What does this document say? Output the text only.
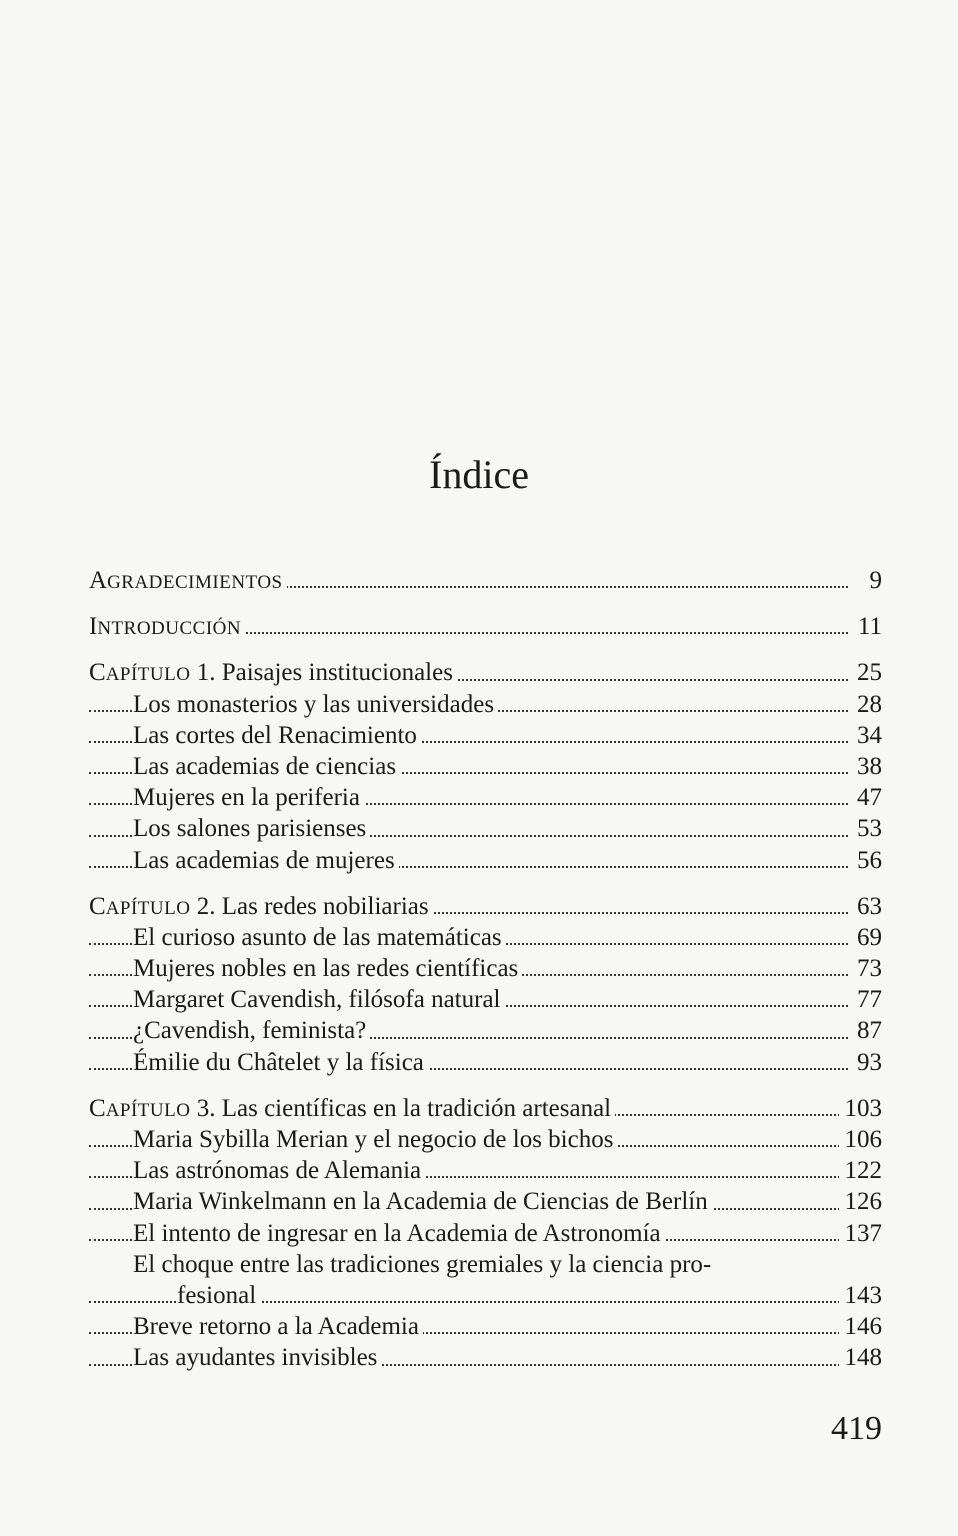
Índice
AGRADECIMIENTOS	9
INTRODUCCIÓN	11
CAPÍTULO 1. Paisajes institucionales	25
Los monasterios y las universidades	28
Las cortes del Renacimiento	34
Las academias de ciencias	38
Mujeres en la periferia	47
Los salones parisienses	53
Las academias de mujeres	56
CAPÍTULO 2. Las redes nobiliarias	63
El curioso asunto de las matemáticas	69
Mujeres nobles en las redes científicas	73
Margaret Cavendish, filósofa natural	77
¿Cavendish, feminista?	87
Émilie du Châtelet y la física	93
CAPÍTULO 3. Las científicas en la tradición artesanal	103
Maria Sybilla Merian y el negocio de los bichos	106
Las astrónomas de Alemania	122
Maria Winkelmann en la Academia de Ciencias de Berlín	126
El intento de ingresar en la Academia de Astronomía	137
El choque entre las tradiciones gremiales y la ciencia pro-
fesional	143
Breve retorno a la Academia	146
Las ayudantes invisibles	148
419
